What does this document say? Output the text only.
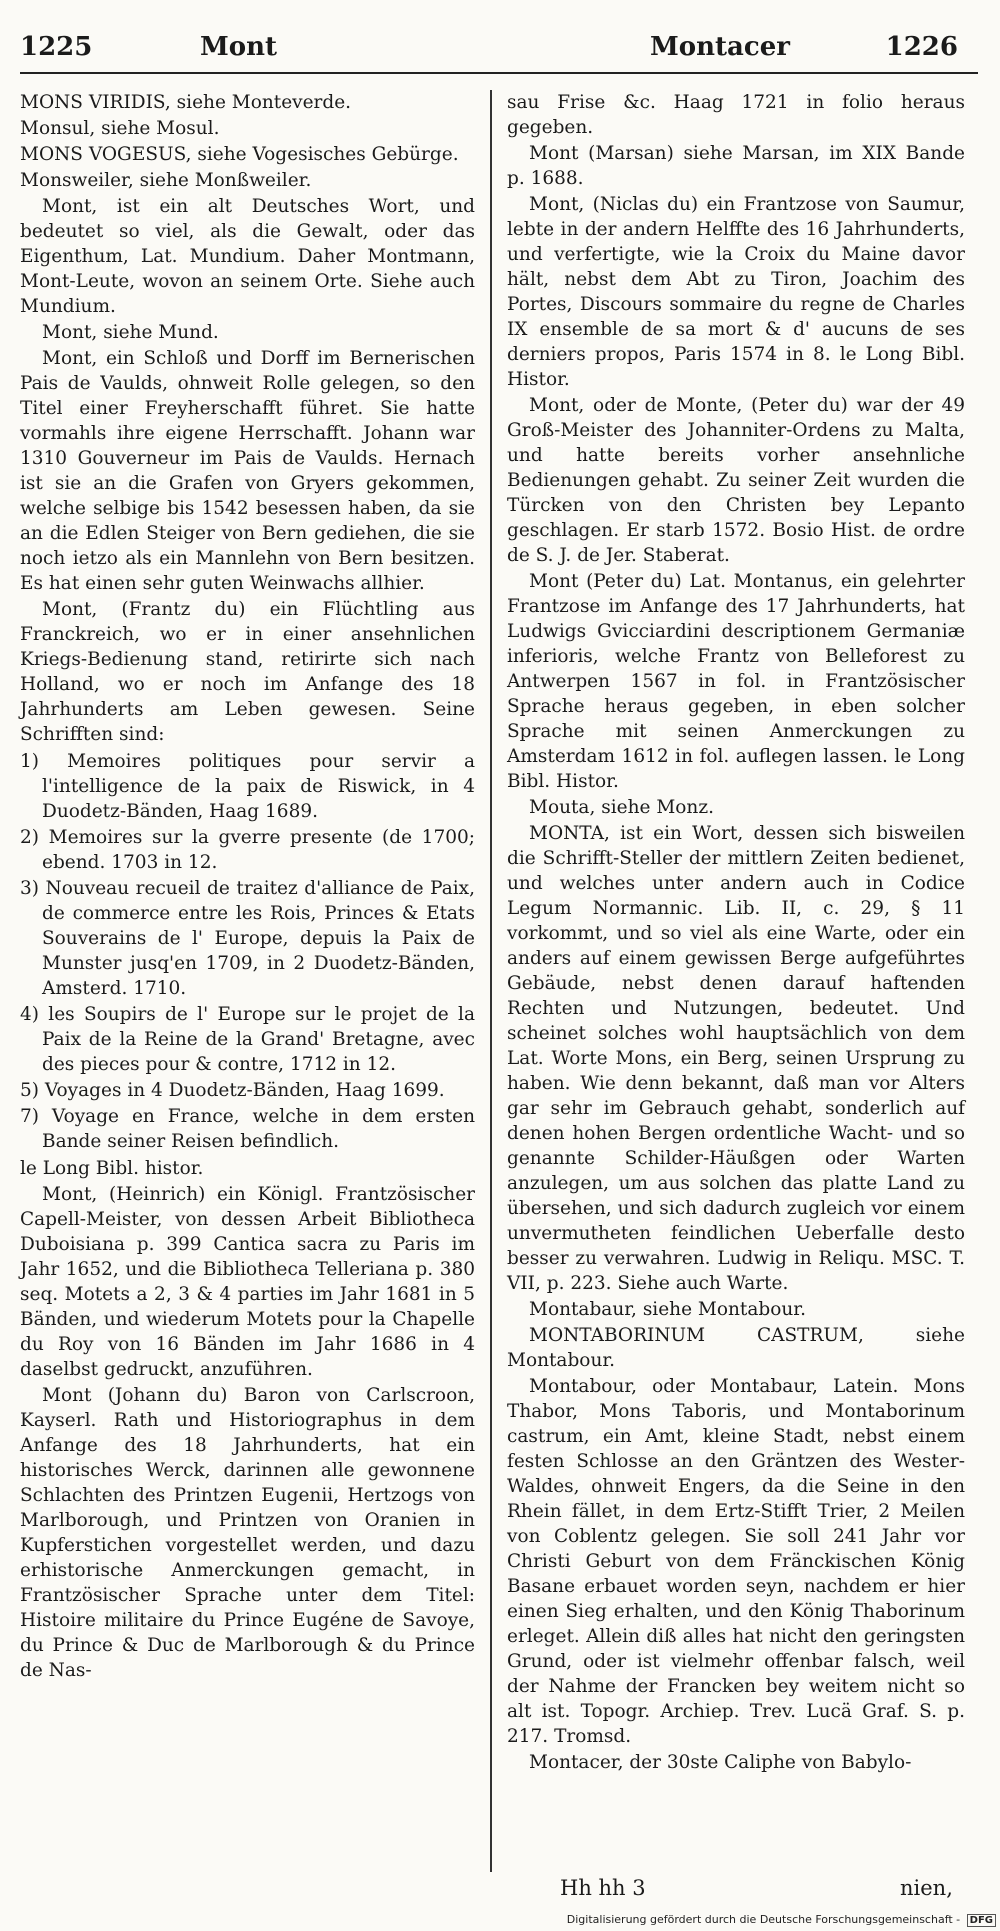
1225	Mont	Montacer	1226

MONS VIRIDIS, siehe Monteverde.

Monsul, siehe Mosul.

MONS VOGESUS, siehe Vogesisches Gebürge.

Monsweiler, siehe Monßweiler.

Mont, ist ein alt Deutsches Wort, und bedeutet so viel, als die Gewalt, oder das Eigenthum, Lat. Mundium. Daher Montmann, Mont-Leute, wovon an seinem Orte. Siehe auch Mundium.

Mont, siehe Mund.

Mont, ein Schloß und Dorff im Bernerischen Pais de Vaulds, ohnweit Rolle gelegen, so den Titel einer Freyherschafft führet. Sie hatte vormahls ihre eigene Herrschafft. Johann war 1310 Gouverneur im Pais de Vaulds. Hernach ist sie an die Grafen von Gryers gekommen, welche selbige bis 1542 besessen haben, da sie an die Edlen Steiger von Bern gediehen, die sie noch ietzo als ein Mannlehn von Bern besitzen. Es hat einen sehr guten Weinwachs allhier.

Mont, (Frantz du) ein Flüchtling aus Franckreich, wo er in einer ansehnlichen Kriegs-Bedienung stand, retirirte sich nach Holland, wo er noch im Anfange des 18 Jahrhunderts am Leben gewesen. Seine Schrifften sind:

1) Memoires politiques pour servir a l'intelligence de la paix de Riswick, in 4 Duodetz-Bänden, Haag 1689.
2) Memoires sur la gverre presente (de 1700; ebend. 1703 in 12.
3) Nouveau recueil de traitez d'alliance de Paix, de commerce entre les Rois, Princes & Etats Souverains de l' Europe, depuis la Paix de Munster jusq'en 1709, in 2 Duodetz-Bänden, Amsterd. 1710.
4) les Soupirs de l' Europe sur le projet de la Paix de la Reine de la Grand' Bretagne, avec des pieces pour & contre, 1712 in 12.
5) Voyages in 4 Duodetz-Bänden, Haag 1699.
7) Voyage en France, welche in dem ersten Bande seiner Reisen befindlich.

le Long Bibl. histor.

Mont, (Heinrich) ein Königl. Frantzösischer Capell-Meister, von dessen Arbeit Bibliotheca Duboisiana p. 399 Cantica sacra zu Paris im Jahr 1652, und die Bibliotheca Telleriana p. 380 seq. Motets a 2, 3 & 4 parties im Jahr 1681 in 5 Bänden, und wiederum Motets pour la Chapelle du Roy von 16 Bänden im Jahr 1686 in 4 daselbst gedruckt, anzuführen.

Mont (Johann du) Baron von Carlscroon, Kayserl. Rath und Historiographus in dem Anfange des 18 Jahrhunderts, hat ein historisches Werck, darinnen alle gewonnene Schlachten des Printzen Eugenii, Hertzogs von Marlborough, und Printzen von Oranien in Kupferstichen vorgestellet werden, und dazu erhistorische Anmerckungen gemacht, in Frantzösischer Sprache unter dem Titel: Histoire militaire du Prince Eugéne de Savoye, du Prince & Duc de Marlborough & du Prince de Nas-

sau Frise &c. Haag 1721 in folio heraus gegeben.

Mont (Marsan) siehe Marsan, im XIX Bande p. 1688.

Mont, (Niclas du) ein Frantzose von Saumur, lebte in der andern Helffte des 16 Jahrhunderts, und verfertigte, wie la Croix du Maine davor hält, nebst dem Abt zu Tiron, Joachim des Portes, Discours sommaire du regne de Charles IX ensemble de sa mort & d' aucuns de ses derniers propos, Paris 1574 in 8. le Long Bibl. Histor.

Mont, oder de Monte, (Peter du) war der 49 Groß-Meister des Johanniter-Ordens zu Malta, und hatte bereits vorher ansehnliche Bedienungen gehabt. Zu seiner Zeit wurden die Türcken von den Christen bey Lepanto geschlagen. Er starb 1572. Bosio Hist. de ordre de S. J. de Jer. Staberat.

Mont (Peter du) Lat. Montanus, ein gelehrter Frantzose im Anfange des 17 Jahrhunderts, hat Ludwigs Gvicciardini descriptionem Germaniæ inferioris, welche Frantz von Belleforest zu Antwerpen 1567 in fol. in Frantzösischer Sprache heraus gegeben, in eben solcher Sprache mit seinen Anmerckungen zu Amsterdam 1612 in fol. auflegen lassen. le Long Bibl. Histor.

Mouta, siehe Monz.

MONTA, ist ein Wort, dessen sich bisweilen die Schrifft-Steller der mittlern Zeiten bedienet, und welches unter andern auch in Codice Legum Normannic. Lib. II, c. 29, § 11 vorkommt, und so viel als eine Warte, oder ein anders auf einem gewissen Berge aufgeführtes Gebäude, nebst denen darauf haftenden Rechten und Nutzungen, bedeutet. Und scheinet solches wohl hauptsächlich von dem Lat. Worte Mons, ein Berg, seinen Ursprung zu haben. Wie denn bekannt, daß man vor Alters gar sehr im Gebrauch gehabt, sonderlich auf denen hohen Bergen ordentliche Wacht- und so genannte Schilder-Häußgen oder Warten anzulegen, um aus solchen das platte Land zu übersehen, und sich dadurch zugleich vor einem unvermutheten feindlichen Ueberfalle desto besser zu verwahren. Ludwig in Reliqu. MSC. T. VII, p. 223. Siehe auch Warte.

Montabaur, siehe Montabour.

MONTABORINUM CASTRUM, siehe Montabour.

Montabour, oder Montabaur, Latein. Mons Thabor, Mons Taboris, und Montaborinum castrum, ein Amt, kleine Stadt, nebst einem festen Schlosse an den Gräntzen des Wester-Waldes, ohnweit Engers, da die Seine in den Rhein fället, in dem Ertz-Stifft Trier, 2 Meilen von Coblentz gelegen. Sie soll 241 Jahr vor Christi Geburt von dem Fränckischen König Basane erbauet worden seyn, nachdem er hier einen Sieg erhalten, und den König Thaborinum erleget. Allein diß alles hat nicht den geringsten Grund, oder ist vielmehr offenbar falsch, weil der Nahme der Francken bey weitem nicht so alt ist. Topogr. Archiep. Trev. Lucä Graf. S. p. 217. Tromsd.

Montacer, der 30ste Caliphe von Babylo-

Hh hh 3	nien,
Digitalisierung gefördert durch die Deutsche Forschungsgemeinschaft - DFG
